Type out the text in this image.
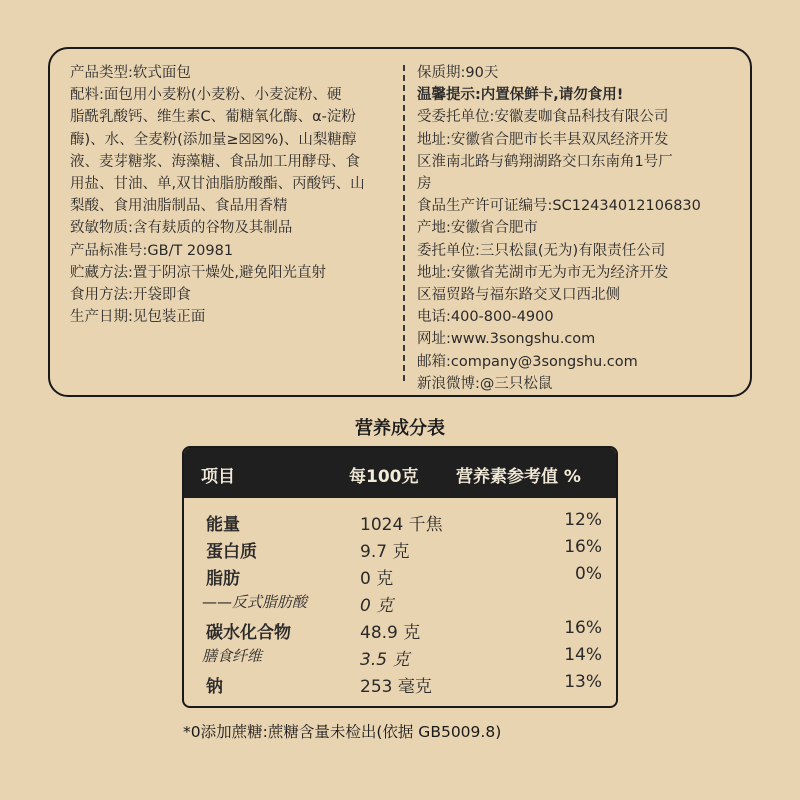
产品类型:软式面包
配料:面包用小麦粉(小麦粉、小麦淀粉、硬
脂酰乳酸钙、维生素C、葡糖氧化酶、α-淀粉
酶)、水、全麦粉(添加量≥☒☒%)、山梨糖醇
液、麦芽糖浆、海藻糖、食品加工用酵母、食
用盐、甘油、单,双甘油脂肪酸酯、丙酸钙、山
梨酸、食用油脂制品、食品用香精
致敏物质:含有麸质的谷物及其制品
产品标准号:GB/T 20981
贮藏方法:置于阴凉干燥处,避免阳光直射
食用方法:开袋即食
生产日期:见包装正面
保质期:90天
温馨提示:内置保鲜卡,请勿食用!
受委托单位:安徽麦咖食品科技有限公司
地址:安徽省合肥市长丰县双凤经济开发
区淮南北路与鹤翔湖路交口东南角1号厂
房
食品生产许可证编号:SC12434012106830
产地:安徽省合肥市
委托单位:三只松鼠(无为)有限责任公司
地址:安徽省芜湖市无为市无为经济开发
区福贸路与福东路交叉口西北侧
电话:400-800-4900
网址:www.3songshu.com
邮箱:company@3songshu.com
新浪微博:@三只松鼠
营养成分表
项目	每100克 营养素参考值 %
能量	1024 千焦	12%
蛋白质	9.7 克	16%
脂肪	0 克	0%
——反式脂肪酸	0 克
碳水化合物	48.9 克	16%
膳食纤维	3.5 克	14%
钠	253 毫克	13%
*0添加蔗糖:蔗糖含量未检出(依据 GB5009.8)
